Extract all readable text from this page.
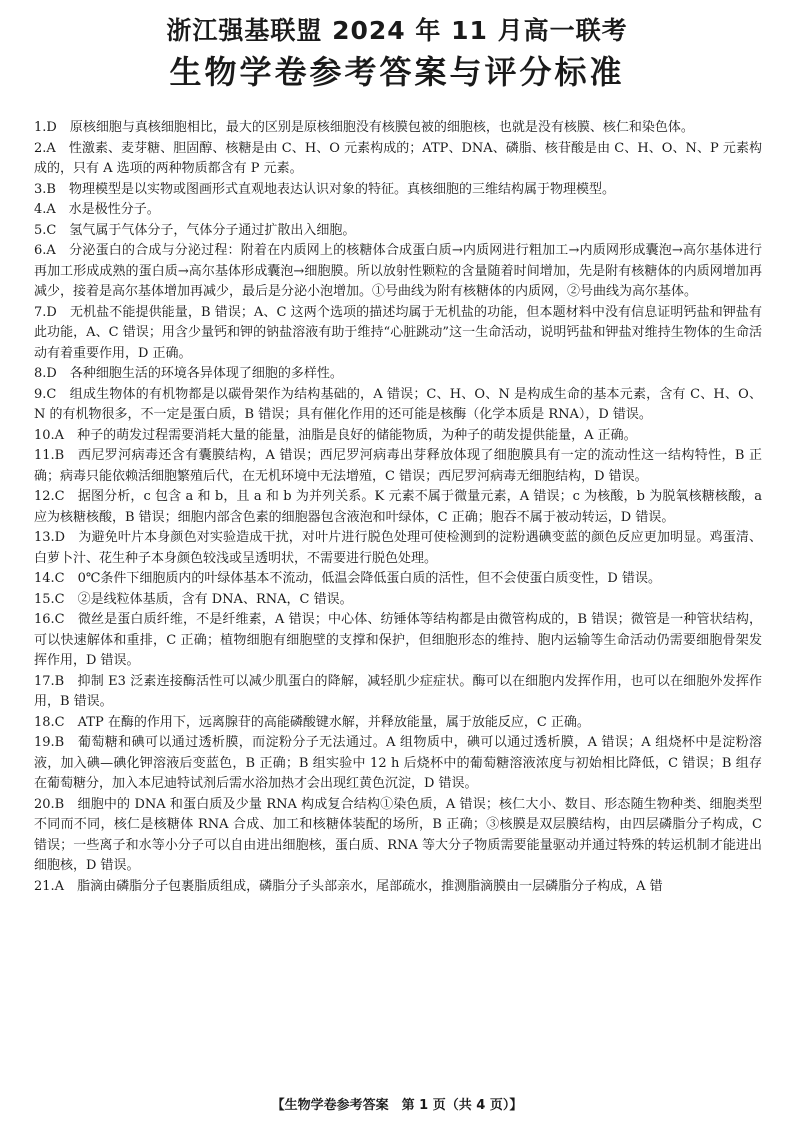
浙江强基联盟 2024 年 11 月高一联考
生物学卷参考答案与评分标准

1.D　原核细胞与真核细胞相比，最大的区别是原核细胞没有核膜包被的细胞核，也就是没有核膜、核仁和染色体。

2.A　性激素、麦芽糖、胆固醇、核糖是由 C、H、O 元素构成的；ATP、DNA、磷脂、核苷酸是由 C、H、O、N、P 元素构成的，只有 A 选项的两种物质都含有 P 元素。

3.B　物理模型是以实物或图画形式直观地表达认识对象的特征。真核细胞的三维结构属于物理模型。

4.A　水是极性分子。

5.C　氢气属于气体分子，气体分子通过扩散出入细胞。

6.A　分泌蛋白的合成与分泌过程：附着在内质网上的核糖体合成蛋白质→内质网进行粗加工→内质网形成囊泡→高尔基体进行再加工形成成熟的蛋白质→高尔基体形成囊泡→细胞膜。所以放射性颗粒的含量随着时间增加，先是附有核糖体的内质网增加再减少，接着是高尔基体增加再减少，最后是分泌小泡增加。①号曲线为附有核糖体的内质网，②号曲线为高尔基体。

7.D　无机盐不能提供能量，B 错误；A、C 这两个选项的描述均属于无机盐的功能，但本题材料中没有信息证明钙盐和钾盐有此功能，A、C 错误；用含少量钙和钾的钠盐溶液有助于维持“心脏跳动”这一生命活动，说明钙盐和钾盐对维持生物体的生命活动有着重要作用，D 正确。

8.D　各种细胞生活的环境各异体现了细胞的多样性。

9.C　组成生物体的有机物都是以碳骨架作为结构基础的，A 错误；C、H、O、N 是构成生命的基本元素，含有 C、H、O、N 的有机物很多，不一定是蛋白质，B 错误；具有催化作用的还可能是核酶（化学本质是 RNA），D 错误。

10.A　种子的萌发过程需要消耗大量的能量，油脂是良好的储能物质，为种子的萌发提供能量，A 正确。

11.B　西尼罗河病毒还含有囊膜结构，A 错误；西尼罗河病毒出芽释放体现了细胞膜具有一定的流动性这一结构特性，B 正确；病毒只能依赖活细胞繁殖后代，在无机环境中无法增殖，C 错误；西尼罗河病毒无细胞结构，D 错误。

12.C　据图分析，c 包含 a 和 b，且 a 和 b 为并列关系。K 元素不属于微量元素，A 错误；c 为核酸，b 为脱氧核糖核酸，a 应为核糖核酸，B 错误；细胞内部含色素的细胞器包含液泡和叶绿体，C 正确；胞吞不属于被动转运，D 错误。

13.D　为避免叶片本身颜色对实验造成干扰，对叶片进行脱色处理可使检测到的淀粉遇碘变蓝的颜色反应更加明显。鸡蛋清、白萝卜汁、花生种子本身颜色较浅或呈透明状，不需要进行脱色处理。

14.C　0℃条件下细胞质内的叶绿体基本不流动，低温会降低蛋白质的活性，但不会使蛋白质变性，D 错误。

15.C　②是线粒体基质，含有 DNA、RNA，C 错误。

16.C　微丝是蛋白质纤维，不是纤维素，A 错误；中心体、纺锤体等结构都是由微管构成的，B 错误；微管是一种管状结构，可以快速解体和重排，C 正确；植物细胞有细胞壁的支撑和保护，但细胞形态的维持、胞内运输等生命活动仍需要细胞骨架发挥作用，D 错误。

17.B　抑制 E3 泛素连接酶活性可以减少肌蛋白的降解，减轻肌少症症状。酶可以在细胞内发挥作用，也可以在细胞外发挥作用，B 错误。

18.C　ATP 在酶的作用下，远离腺苷的高能磷酸键水解，并释放能量，属于放能反应，C 正确。

19.B　葡萄糖和碘可以通过透析膜，而淀粉分子无法通过。A 组物质中，碘可以通过透析膜，A 错误；A 组烧杯中是淀粉溶液，加入碘—碘化钾溶液后变蓝色，B 正确；B 组实验中 12 h 后烧杯中的葡萄糖溶液浓度与初始相比降低，C 错误；B 组存在葡萄糖分，加入本尼迪特试剂后需水浴加热才会出现红黄色沉淀，D 错误。

20.B　细胞中的 DNA 和蛋白质及少量 RNA 构成复合结构①染色质，A 错误；核仁大小、数目、形态随生物种类、细胞类型不同而不同，核仁是核糖体 RNA 合成、加工和核糖体装配的场所，B 正确；③核膜是双层膜结构，由四层磷脂分子构成，C 错误；一些离子和水等小分子可以自由进出细胞核，蛋白质、RNA 等大分子物质需要能量驱动并通过特殊的转运机制才能进出细胞核，D 错误。

21.A　脂滴由磷脂分子包裹脂质组成，磷脂分子头部亲水，尾部疏水，推测脂滴膜由一层磷脂分子构成，A 错

【生物学卷参考答案　第 1 页（共 4 页）】
